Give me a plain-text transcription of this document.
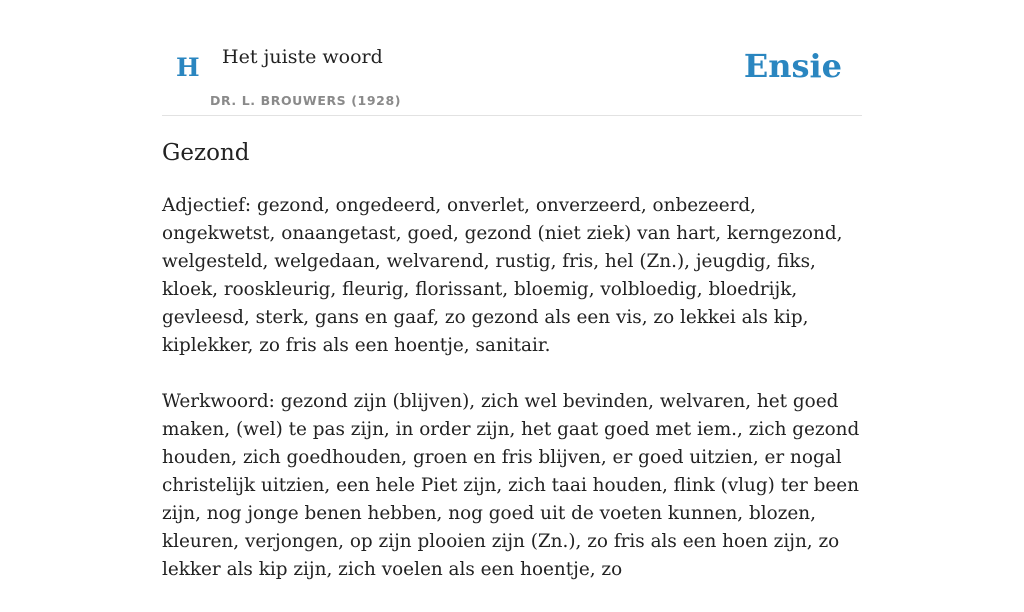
H Het juiste woord
DR. L. BROUWERS (1928)
Ensie
Gezond

Adjectief: gezond, ongedeerd, onverlet, onverzeerd, onbezeerd, ongekwetst, onaangetast, goed, gezond (niet ziek) van hart, kerngezond, welgesteld, welgedaan, welvarend, rustig, fris, hel (Zn.), jeugdig, fiks, kloek, rooskleurig, fleurig, florissant, bloemig, volbloedig, bloedrijk, gevleesd, sterk, gans en gaaf, zo gezond als een vis, zo lekkei als kip, kiplekker, zo fris als een hoentje, sanitair.

Werkwoord: gezond zijn (blijven), zich wel bevinden, welvaren, het goed maken, (wel) te pas zijn, in order zijn, het gaat goed met iem., zich gezond houden, zich goedhouden, groen en fris blijven, er goed uitzien, er nogal christelijk uitzien, een hele Piet zijn, zich taai houden, flink (vlug) ter been zijn, nog jonge benen hebben, nog goed uit de voeten kunnen, blozen, kleuren, verjongen, op zijn plooien zijn (Zn.), zo fris als een hoen zijn, zo lekker als kip zijn, zich voelen als een hoentje, zo
